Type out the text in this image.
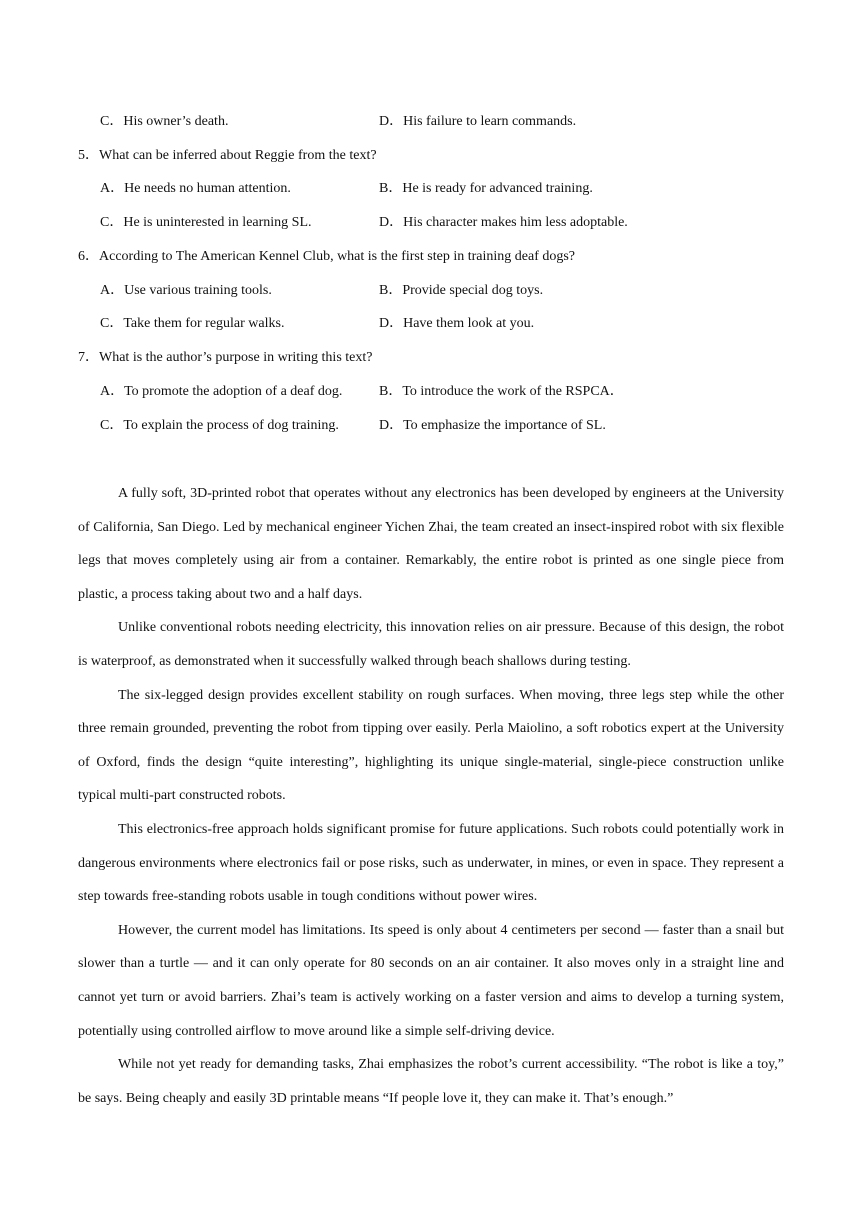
C．His owner’s death.	D．His failure to learn commands.
5．What can be inferred about Reggie from the text?
A．He needs no human attention.	B．He is ready for advanced training.
C．He is uninterested in learning SL.	D．His character makes him less adoptable.
6．According to The American Kennel Club, what is the first step in training deaf dogs?
A．Use various training tools.	B．Provide special dog toys.
C．Take them for regular walks.	D．Have them look at you.
7．What is the author’s purpose in writing this text?
A．To promote the adoption of a deaf dog.	B．To introduce the work of the RSPCA．
C．To explain the process of dog training.	D．To emphasize the importance of SL.

A fully soft, 3D-printed robot that operates without any electronics has been developed by engineers at the University of California, San Diego. Led by mechanical engineer Yichen Zhai, the team created an insect-inspired robot with six flexible legs that moves completely using air from a container. Remarkably, the entire robot is printed as one single piece from plastic, a process taking about two and a half days.

Unlike conventional robots needing electricity, this innovation relies on air pressure. Because of this design, the robot is waterproof, as demonstrated when it successfully walked through beach shallows during testing.

The six-legged design provides excellent stability on rough surfaces. When moving, three legs step while the other three remain grounded, preventing the robot from tipping over easily. Perla Maiolino, a soft robotics expert at the University of Oxford, finds the design “quite interesting”, highlighting its unique single-material, single-piece construction unlike typical multi-part constructed robots.

This electronics-free approach holds significant promise for future applications. Such robots could potentially work in dangerous environments where electronics fail or pose risks, such as underwater, in mines, or even in space. They represent a step towards free-standing robots usable in tough conditions without power wires.

However, the current model has limitations. Its speed is only about 4 centimeters per second — faster than a snail but slower than a turtle — and it can only operate for 80 seconds on an air container. It also moves only in a straight line and cannot yet turn or avoid barriers. Zhai’s team is actively working on a faster version and aims to develop a turning system, potentially using controlled airflow to move around like a simple self-driving device.

While not yet ready for demanding tasks, Zhai emphasizes the robot’s current accessibility. “The robot is like a toy,” be says. Being cheaply and easily 3D printable means “If people love it, they can make it. That’s enough.”
